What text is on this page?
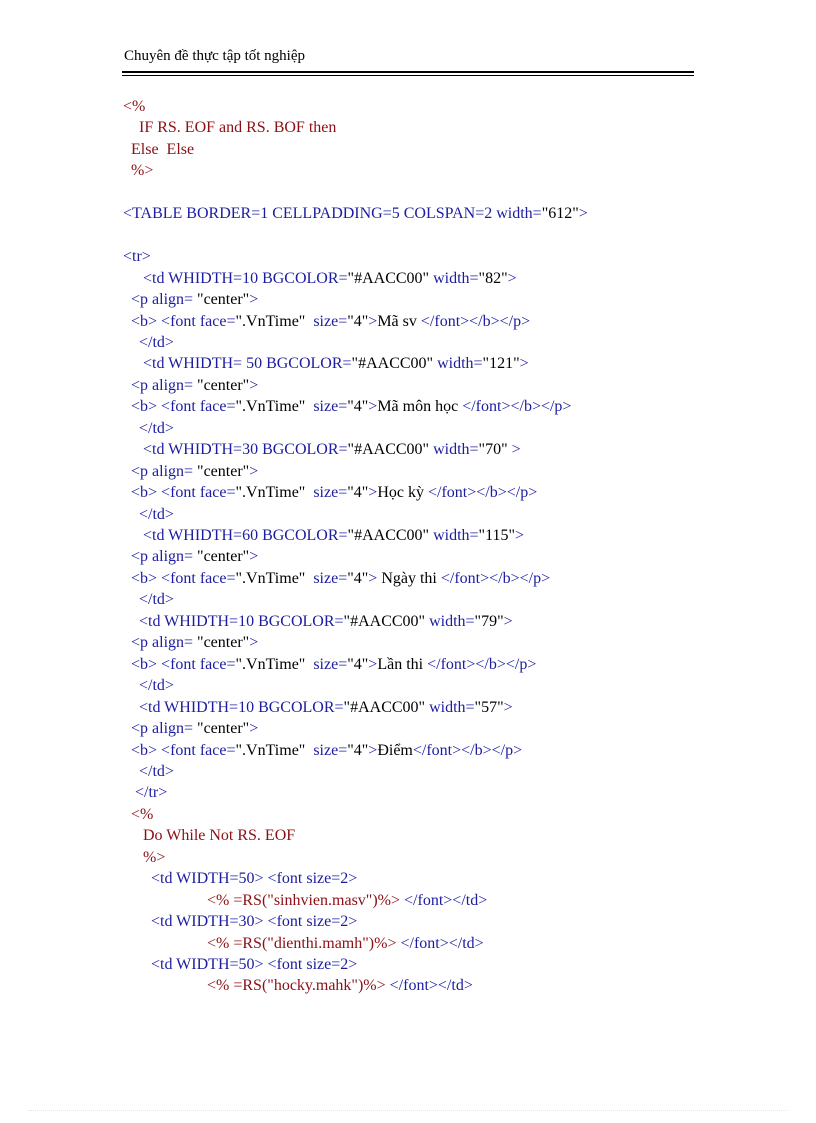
Chuyên đề thực tập tốt nghiệp
<%
IF RS. EOF and RS. BOF then
Else  Else
%>
<TABLE BORDER=1 CELLPADDING=5 COLSPAN=2 width="612">
<tr>
<td WHIDTH=10 BGCOLOR="#AACC00" width="82">
<p align= "center">
<b> <font face=".VnTime"  size="4">Mã sv </font></b></p>
</td>
<td WHIDTH= 50 BGCOLOR="#AACC00" width="121">
<p align= "center">
<b> <font face=".VnTime"  size="4">Mã môn học </font></b></p>
</td>
<td WHIDTH=30 BGCOLOR="#AACC00" width="70" >
<p align= "center">
<b> <font face=".VnTime"  size="4">Học kỳ </font></b></p>
</td>
<td WHIDTH=60 BGCOLOR="#AACC00" width="115">
<p align= "center">
<b> <font face=".VnTime"  size="4"> Ngày thi </font></b></p>
</td>
<td WHIDTH=10 BGCOLOR="#AACC00" width="79">
<p align= "center">
<b> <font face=".VnTime"  size="4">Lần thi </font></b></p>
</td>
<td WHIDTH=10 BGCOLOR="#AACC00" width="57">
<p align= "center">
<b> <font face=".VnTime"  size="4">Điểm</font></b></p>
</td>
</tr>
<%
Do While Not RS. EOF
%>
<td WIDTH=50> <font size=2>
<% =RS("sinhvien.masv")%> </font></td>
<td WIDTH=30> <font size=2>
<% =RS("dienthi.mamh")%> </font></td>
<td WIDTH=50> <font size=2>
<% =RS("hocky.mahk")%> </font></td>
